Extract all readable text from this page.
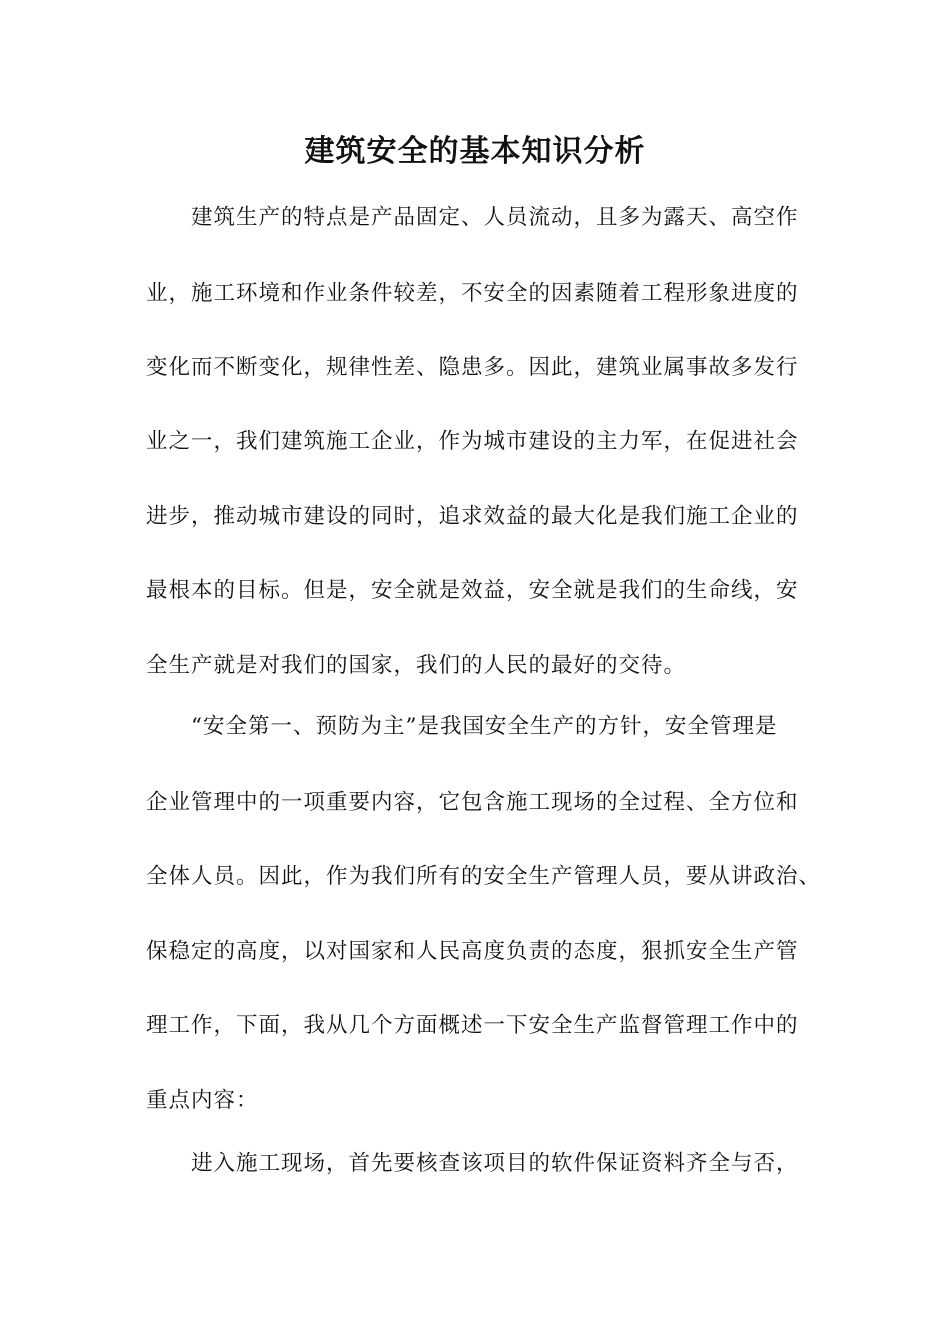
建筑安全的基本知识分析
　　建筑生产的特点是产品固定、人员流动，且多为露天、高空作
业，施工环境和作业条件较差，不安全的因素随着工程形象进度的
变化而不断变化，规律性差、隐患多。因此，建筑业属事故多发行
业之一，我们建筑施工企业，作为城市建设的主力军，在促进社会
进步，推动城市建设的同时，追求效益的最大化是我们施工企业的
最根本的目标。但是，安全就是效益，安全就是我们的生命线，安
全生产就是对我们的国家，我们的人民的最好的交待。
　　“安全第一、预防为主”是我国安全生产的方针，安全管理是
企业管理中的一项重要内容，它包含施工现场的全过程、全方位和
全体人员。因此，作为我们所有的安全生产管理人员，要从讲政治、
保稳定的高度，以对国家和人民高度负责的态度，狠抓安全生产管
理工作，下面，我从几个方面概述一下安全生产监督管理工作中的
重点内容：
　　进入施工现场，首先要核查该项目的软件保证资料齐全与否，
